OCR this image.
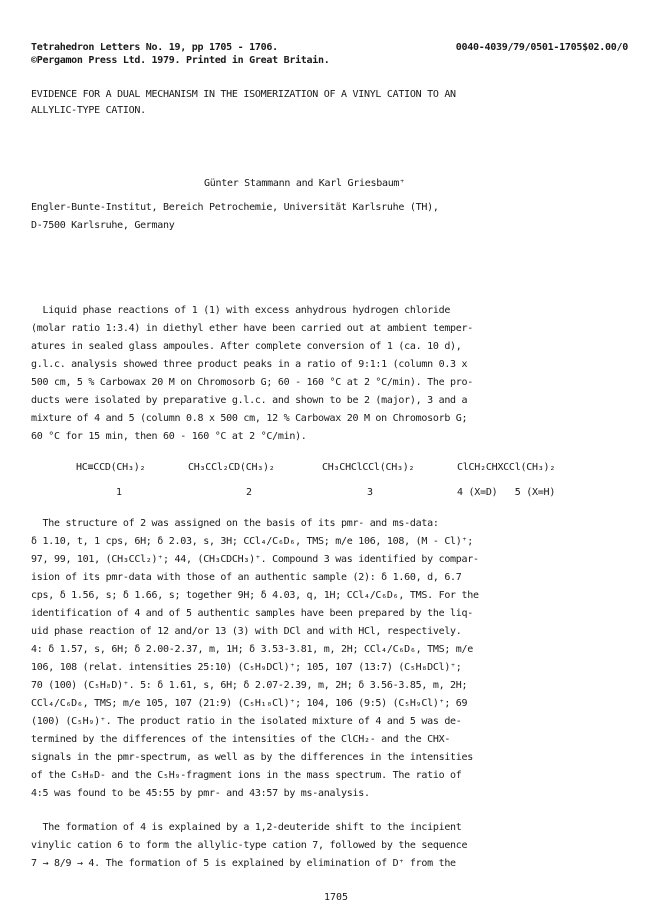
Tetrahedron Letters No. 19, pp 1705 - 1706.	0040-4039/79/0501-1705$02.00/0
©Pergamon Press Ltd. 1979. Printed in Great Britain.
EVIDENCE FOR A DUAL MECHANISM IN THE ISOMERIZATION OF A VINYL CATION TO AN
ALLYLIC-TYPE CATION.
Günter Stammann and Karl Griesbaum⁺
Engler-Bunte-Institut, Bereich Petrochemie, Universität Karlsruhe (TH),
D-7500 Karlsruhe, Germany
Liquid phase reactions of 1 (1) with excess anhydrous hydrogen chloride
(molar ratio 1:3.4) in diethyl ether have been carried out at ambient temper-
atures in sealed glass ampoules. After complete conversion of 1 (ca. 10 d),
g.l.c. analysis showed three product peaks in a ratio of 9:1:1 (column 0.3 x
500 cm, 5 % Carbowax 20 M on Chromosorb G; 60 - 160 °C at 2 °C/min). The pro-
ducts were isolated by preparative g.l.c. and shown to be 2 (major), 3 and a
mixture of 4 and 5 (column 0.8 x 500 cm, 12 % Carbowax 20 M on Chromosorb G;
60 °C for 15 min, then 60 - 160 °C at 2 °C/min).
HC≡CCD(CH₃)₂	CH₃CCl₂CD(CH₃)₂	CH₃CHClCCl(CH₃)₂	ClCH₂CHXCCl(CH₃)₂
1	2	3	4 (X=D)   5 (X=H)
The structure of 2 was assigned on the basis of its pmr- and ms-data:
δ 1.10, t, 1 cps, 6H; δ 2.03, s, 3H; CCl₄/C₆D₆, TMS; m/e 106, 108, (M - Cl)⁺;
97, 99, 101, (CH₃CCl₂)⁺; 44, (CH₃CDCH₃)⁺. Compound 3 was identified by compar-
ision of its pmr-data with those of an authentic sample (2): δ 1.60, d, 6.7
cps, δ 1.56, s; δ 1.66, s; together 9H; δ 4.03, q, 1H; CCl₄/C₆D₆, TMS. For the
identification of 4 and of 5 authentic samples have been prepared by the liq-
uid phase reaction of 12 and/or 13 (3) with DCl and with HCl, respectively.
4: δ 1.57, s, 6H; δ 2.00-2.37, m, 1H; δ 3.53-3.81, m, 2H; CCl₄/C₆D₆, TMS; m/e
106, 108 (relat. intensities 25:10) (C₅H₉DCl)⁺; 105, 107 (13:7) (C₅H₈DCl)⁺;
70 (100) (C₅H₈D)⁺. 5: δ 1.61, s, 6H; δ 2.07-2.39, m, 2H; δ 3.56-3.85, m, 2H;
CCl₄/C₆D₆, TMS; m/e 105, 107 (21:9) (C₅H₁₀Cl)⁺; 104, 106 (9:5) (C₅H₉Cl)⁺; 69
(100) (C₅H₉)⁺. The product ratio in the isolated mixture of 4 and 5 was de-
termined by the differences of the intensities of the ClCH₂- and the CHX-
signals in the pmr-spectrum, as well as by the differences in the intensities
of the C₅H₈D- and the C₅H₉-fragment ions in the mass spectrum. The ratio of
4:5 was found to be 45:55 by pmr- and 43:57 by ms-analysis.
The formation of 4 is explained by a 1,2-deuteride shift to the incipient
vinylic cation 6 to form the allylic-type cation 7, followed by the sequence
7 → 8/9 → 4. The formation of 5 is explained by elimination of D⁺ from the
1705
